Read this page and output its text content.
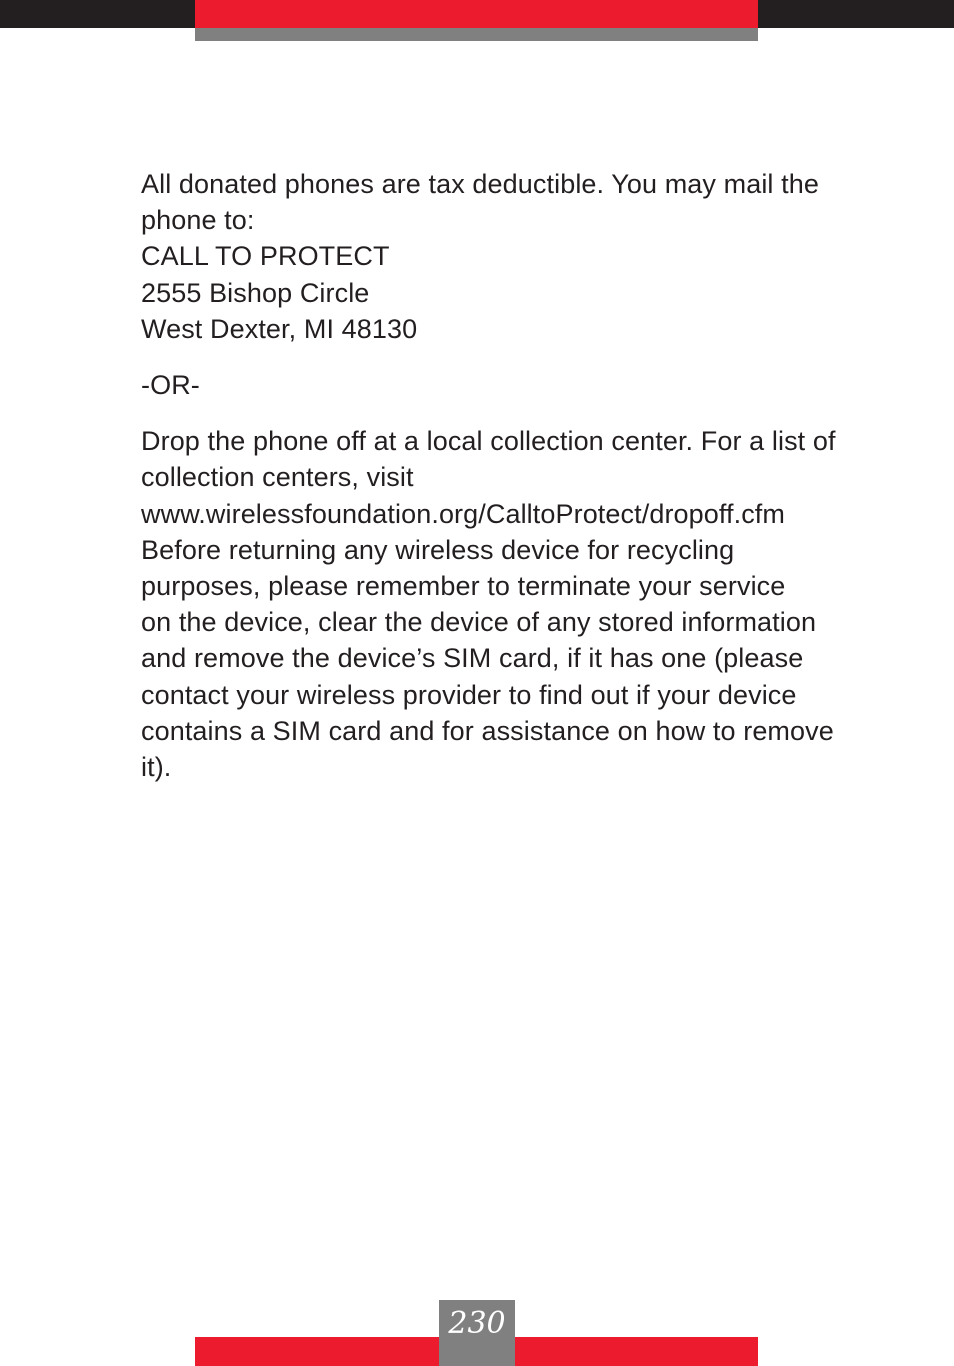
All donated phones are tax deductible. You may mail the
phone to:
CALL TO PROTECT
2555 Bishop Circle
West Dexter, MI 48130

-OR-

Drop the phone off at a local collection center. For a list of
collection centers, visit
www.wirelessfoundation.org/CalltoProtect/dropoff.cfm
Before returning any wireless device for recycling
purposes, please remember to terminate your service
on the device, clear the device of any stored information
and remove the device’s SIM card, if it has one (please
contact your wireless provider to find out if your device
contains a SIM card and for assistance on how to remove
it).

230
